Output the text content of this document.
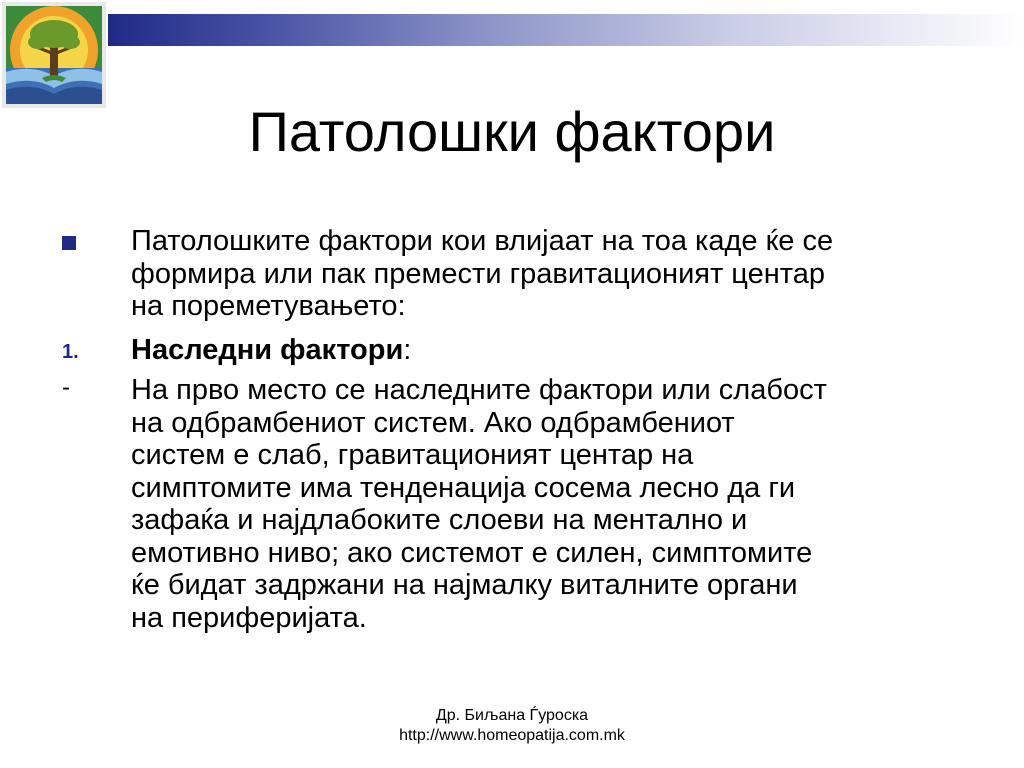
Патолошки фактори
Патолошките фактори кои влијаат на тоа каде ќе се
формира или пак премести гравитационият центар
на пореметувањето:
1. Наследни фактори:
- На прво место се наследните фактори или слабост
на одбрамбениот систем. Ако одбрамбениот
систем е слаб, гравитационият центар на
симптомите има тенденација сосема лесно да ги
зафаќа и најдлабоките слоеви на ментално и
емотивно ниво; ако системот е силен, симптомите
ќе бидат задржани на најмалку виталните органи
на периферијата.
Др. Биљана Ѓуроска
http://www.homeopatija.com.mk
